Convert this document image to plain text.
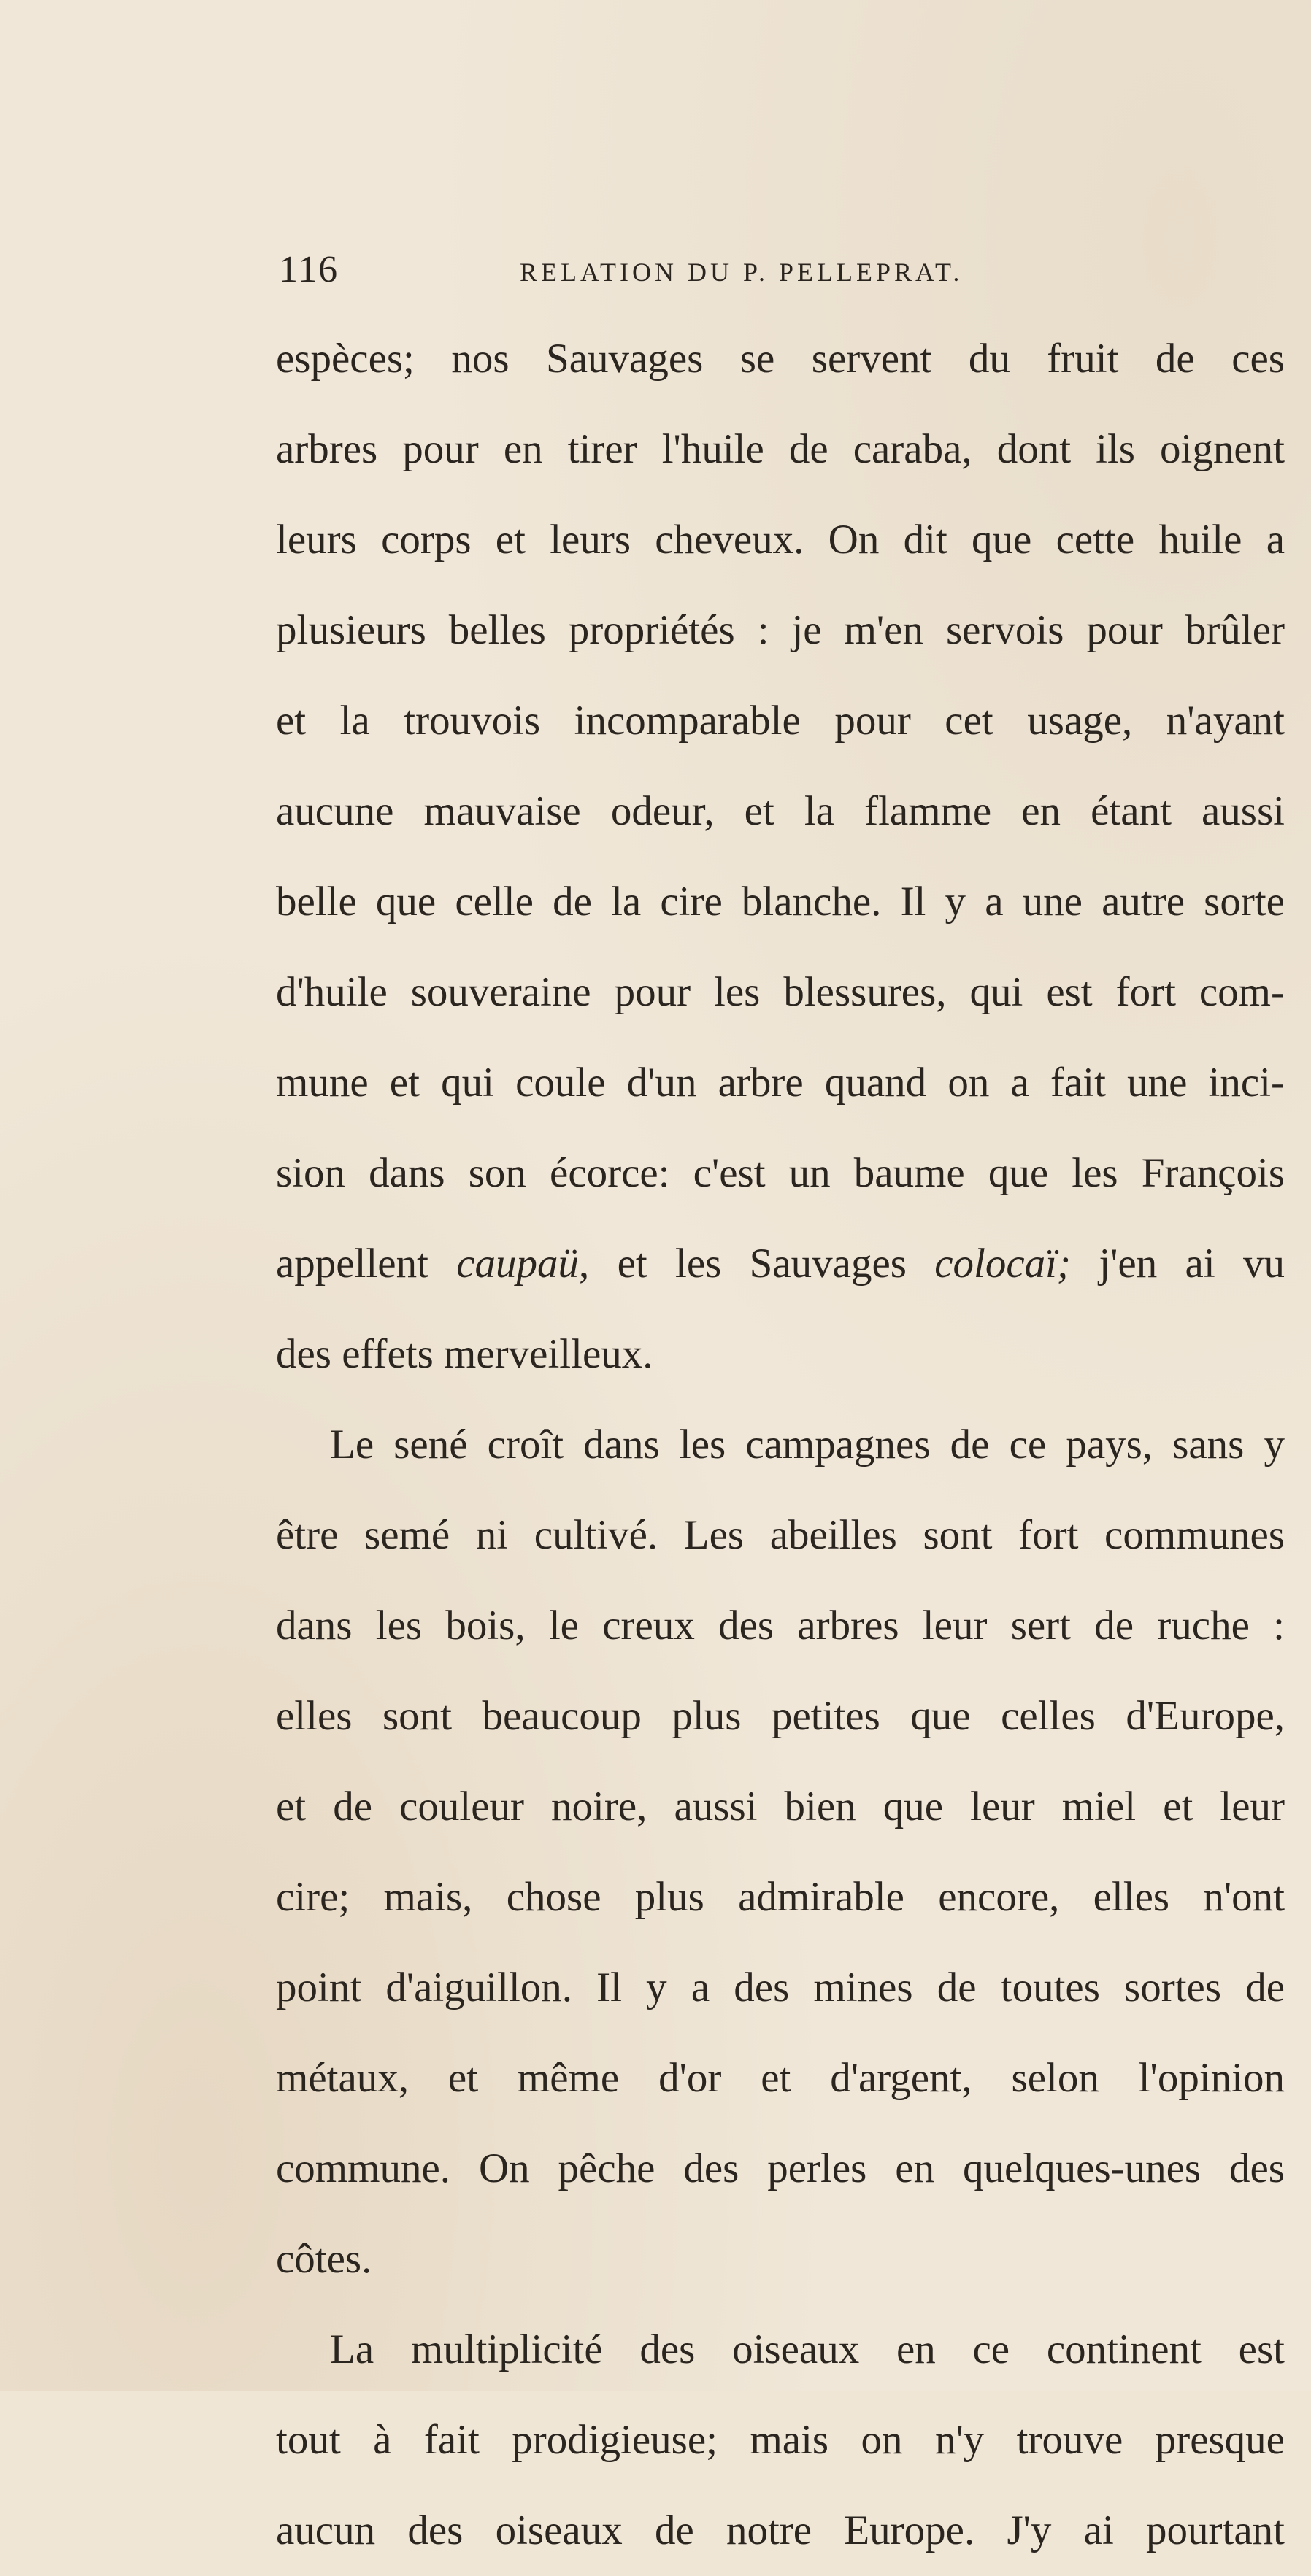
116	RELATION DU P. PELLEPRAT.
espèces; nos Sauvages se servent du fruit de ces
arbres pour en tirer l'huile de caraba, dont ils oignent
leurs corps et leurs cheveux. On dit que cette huile a
plusieurs belles propriétés : je m'en servois pour brûler
et la trouvois incomparable pour cet usage, n'ayant
aucune mauvaise odeur, et la flamme en étant aussi
belle que celle de la cire blanche. Il y a une autre sorte
d'huile souveraine pour les blessures, qui est fort com-
mune et qui coule d'un arbre quand on a fait une inci-
sion dans son écorce: c'est un baume que les François
appellent caupaü, et les Sauvages colocaï; j'en ai vu
des effets merveilleux.
Le sené croît dans les campagnes de ce pays, sans y
être semé ni cultivé. Les abeilles sont fort communes
dans les bois, le creux des arbres leur sert de ruche :
elles sont beaucoup plus petites que celles d'Europe,
et de couleur noire, aussi bien que leur miel et leur
cire; mais, chose plus admirable encore, elles n'ont
point d'aiguillon. Il y a des mines de toutes sortes de
métaux, et même d'or et d'argent, selon l'opinion
commune. On pêche des perles en quelques-unes des
côtes.
La multiplicité des oiseaux en ce continent est
tout à fait prodigieuse; mais on n'y trouve presque
aucun des oiseaux de notre Europe. J'y ai pourtant
